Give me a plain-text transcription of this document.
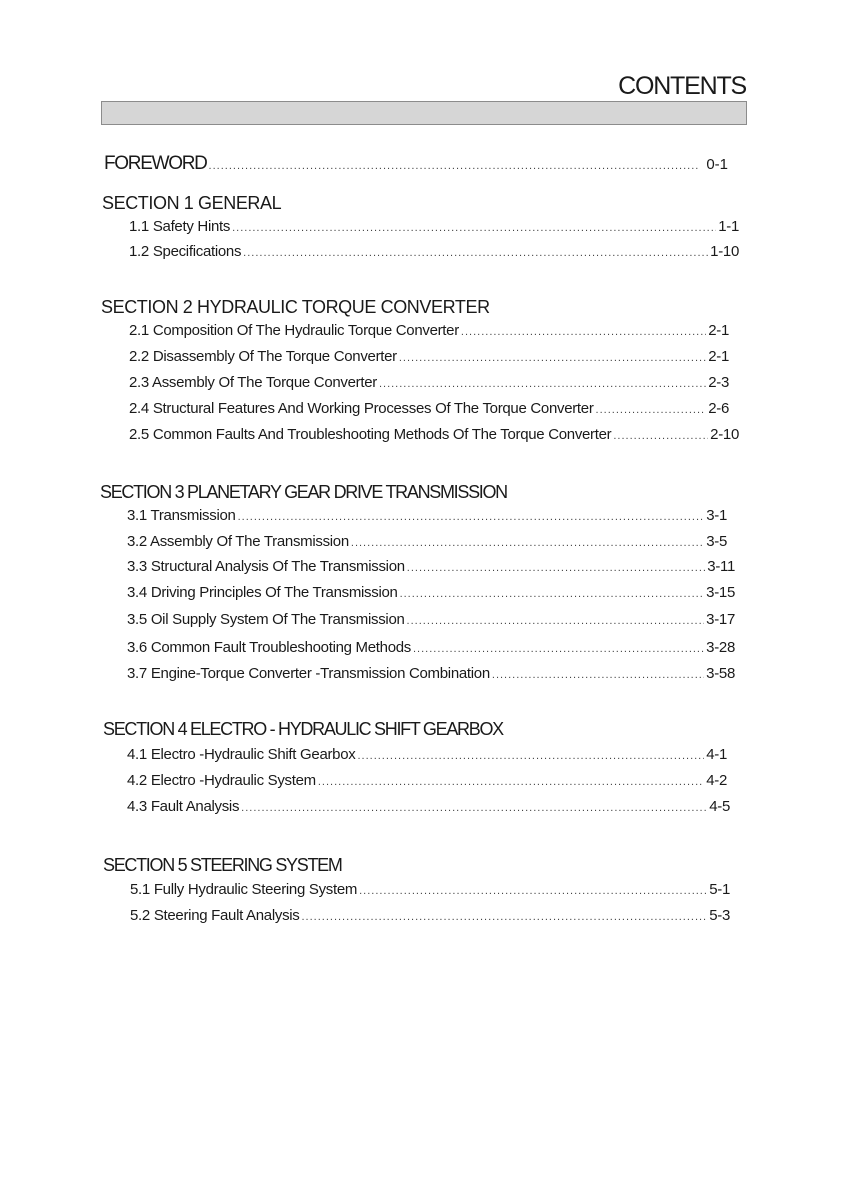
CONTENTS
FOREWORD .....	0-1
SECTION 1 GENERAL
1.1 Safety Hints .....	1-1
1.2 Specifications .....	1-10
SECTION 2 HYDRAULIC TORQUE CONVERTER
2.1 Composition Of The Hydraulic Torque Converter .....	2-1
2.2 Disassembly Of The Torque Converter .....	2-1
2.3 Assembly Of The Torque Converter .....	2-3
2.4 Structural Features And Working Processes Of The Torque Converter .....	2-6
2.5 Common Faults And Troubleshooting Methods Of The Torque Converter .....	2-10
SECTION 3 PLANETARY GEAR DRIVE TRANSMISSION
3.1 Transmission .....	3-1
3.2 Assembly Of The Transmission .....	3-5
3.3 Structural Analysis Of The Transmission .....	3-11
3.4 Driving Principles Of The Transmission .....	3-15
3.5 Oil Supply System Of The Transmission .....	3-17
3.6 Common Fault Troubleshooting Methods .....	3-28
3.7 Engine-Torque Converter -Transmission Combination .....	3-58
SECTION 4 ELECTRO - HYDRAULIC SHIFT GEARBOX
4.1 Electro -Hydraulic Shift Gearbox .....	4-1
4.2 Electro -Hydraulic System .....	4-2
4.3 Fault Analysis .....	4-5
SECTION 5 STEERING SYSTEM
5.1 Fully Hydraulic Steering System .....	5-1
5.2 Steering Fault Analysis .....	5-3
